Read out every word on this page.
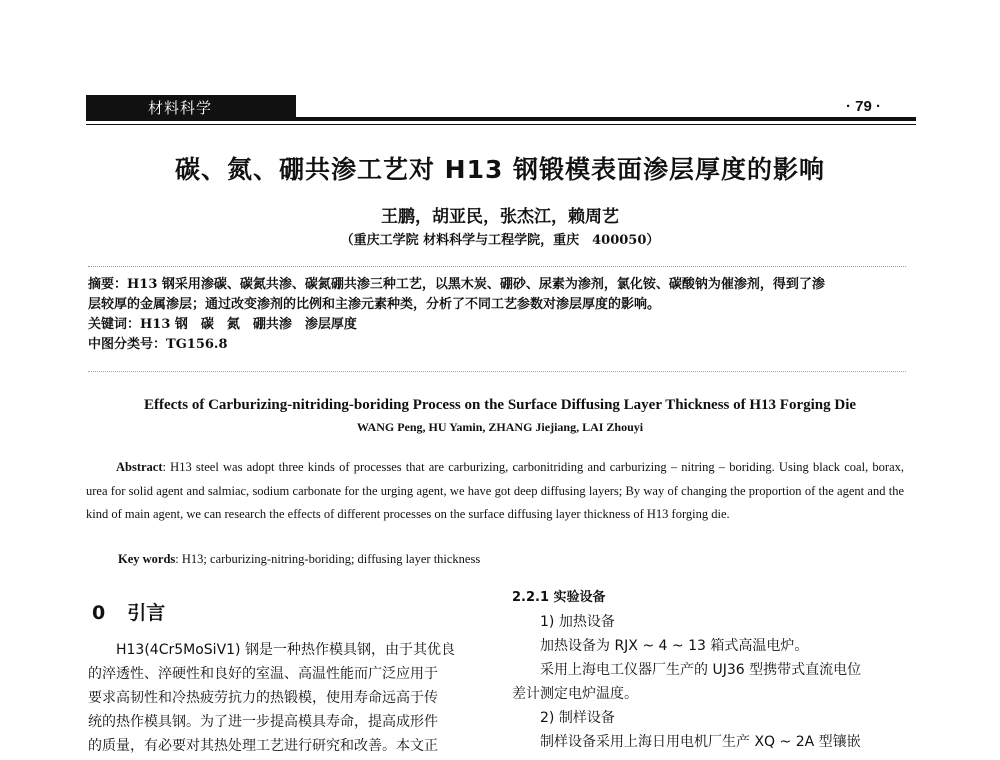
材料科学	· 79 ·
碳、氮、硼共渗工艺对 H13 钢锻模表面渗层厚度的影响
王鹏，胡亚民，张杰江，赖周艺
（重庆工学院 材料科学与工程学院，重庆　400050）
摘要：H13 钢采用渗碳、碳氮共渗、碳氮硼共渗三种工艺，以黑木炭、硼砂、尿素为渗剂，氯化铵、碳酸钠为催渗剂，得到了渗
层较厚的金属渗层；通过改变渗剂的比例和主渗元素种类，分析了不同工艺参数对渗层厚度的影响。
关键词：H13 钢　碳　氮　硼共渗　渗层厚度
中图分类号：TG156.8
Effects of Carburizing-nitriding-boriding Process on the Surface Diffusing Layer Thickness of H13 Forging Die
WANG Peng, HU Yamin, ZHANG Jiejiang, LAI Zhouyi
Abstract: H13 steel was adopt three kinds of processes that are carburizing, carbonitriding and carburizing – nitring – boriding. Using black coal, borax, urea for solid agent and salmiac, sodium carbonate for the urging agent, we have got deep diffusing layers; By way of changing the proportion of the agent and the kind of main agent, we can research the effects of different processes on the surface diffusing layer thickness of H13 forging die.
Key words: H13; carburizing-nitring-boriding; diffusing layer thickness
0 引言

H13(4Cr5MoSiV1) 钢是一种热作模具钢，由于其优良

的淬透性、淬硬性和良好的室温、高温性能而广泛应用于

要求高韧性和冷热疲劳抗力的热锻模，使用寿命远高于传

统的热作模具钢。为了进一步提高模具寿命，提高成形件

的质量，有必要对其热处理工艺进行研究和改善。本文正

2.2.1 实验设备

1) 加热设备

加热设备为 RJX ~ 4 ~ 13 箱式高温电炉。

采用上海电工仪器厂生产的 UJ36 型携带式直流电位

差计测定电炉温度。

2) 制样设备

制样设备采用上海日用电机厂生产 XQ ~ 2A 型镶嵌
